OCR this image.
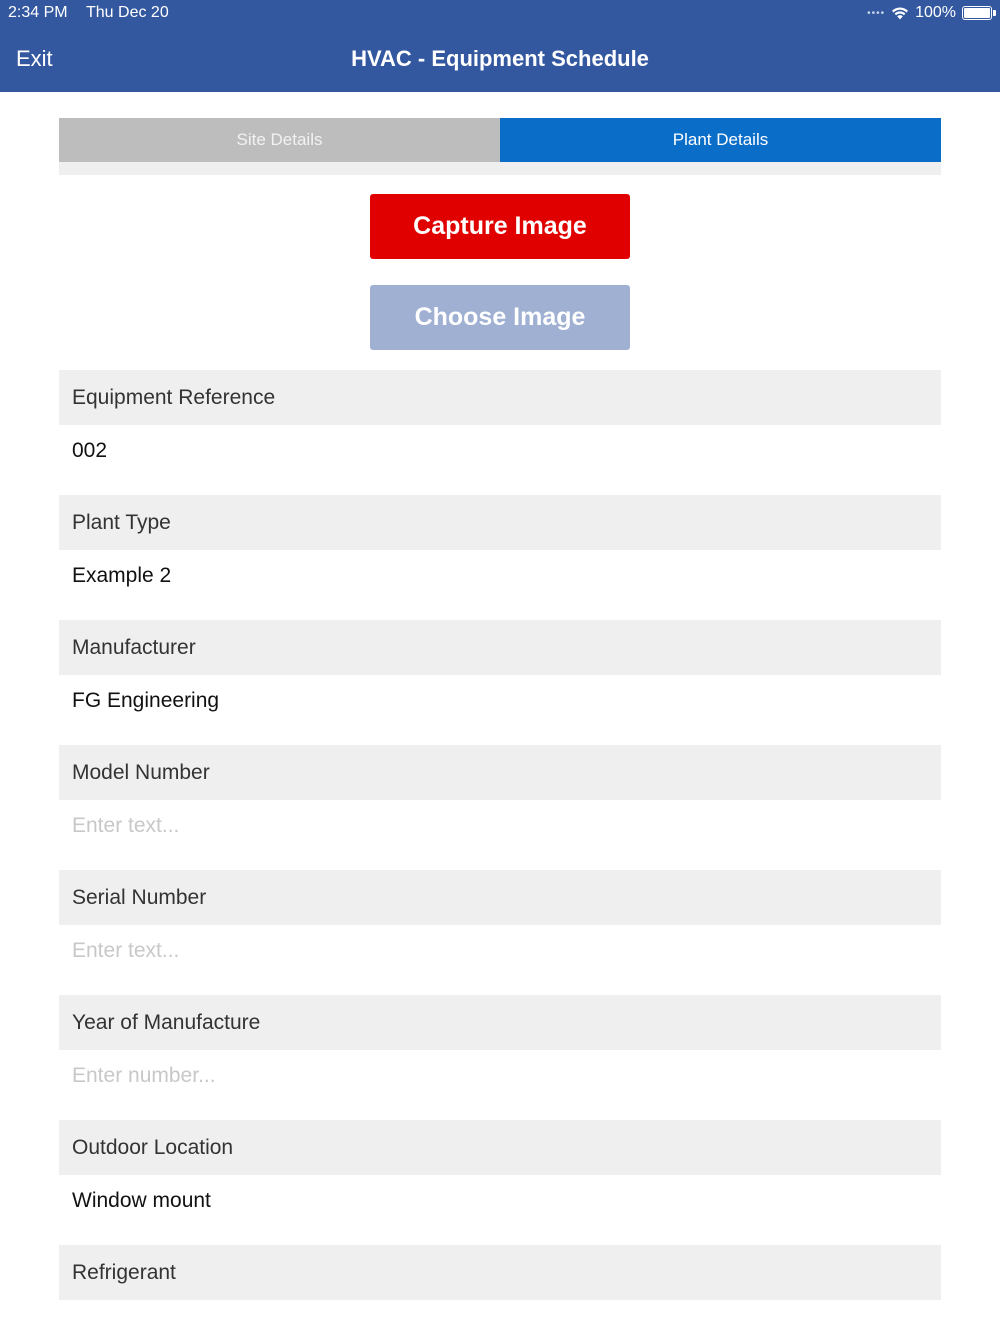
2:34 PM Thu Dec 20	•••• 100%
HVAC - Equipment Schedule
Exit
Site Details	Plant Details
Capture Image
Choose Image
Equipment Reference
002
Plant Type
Example 2
Manufacturer
FG Engineering
Model Number
Enter text...
Serial Number
Enter text...
Year of Manufacture
Enter number...
Outdoor Location
Window mount
Refrigerant
